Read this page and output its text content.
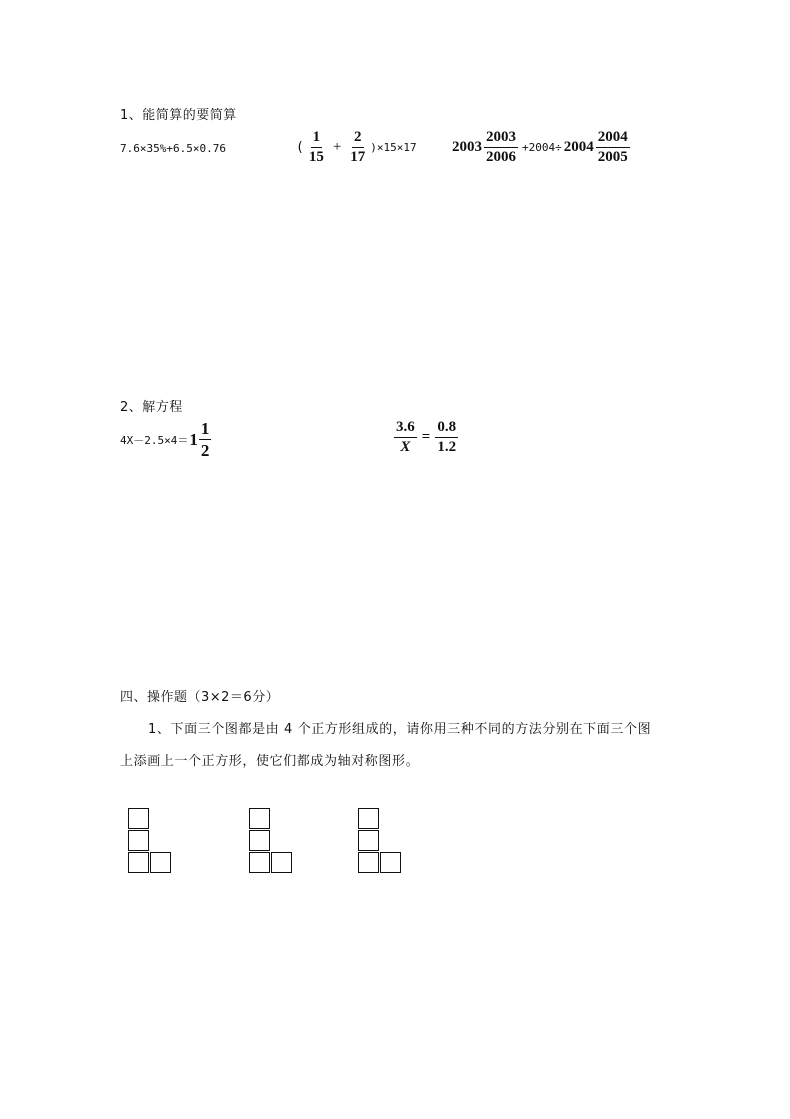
1、能简算的要简算
7.6×35%+6.5×0.76	( $\frac{1}{15} + \frac{2}{17} )\times 15\times 17$ $2003 \frac{2003}{2006} +2004\div 2004 \frac{2004}{2005}$
2、解方程
$4X-2.5\times 4= 1 \frac{1}{2}$	$\frac{3.6}{X} = \frac{0.8}{1.2}$
四、操作题（3×2＝6分）
1、下面三个图都是由 4 个正方形组成的，请你用三种不同的方法分别在下面三个图
上添画上一个正方形，使它们都成为轴对称图形。
